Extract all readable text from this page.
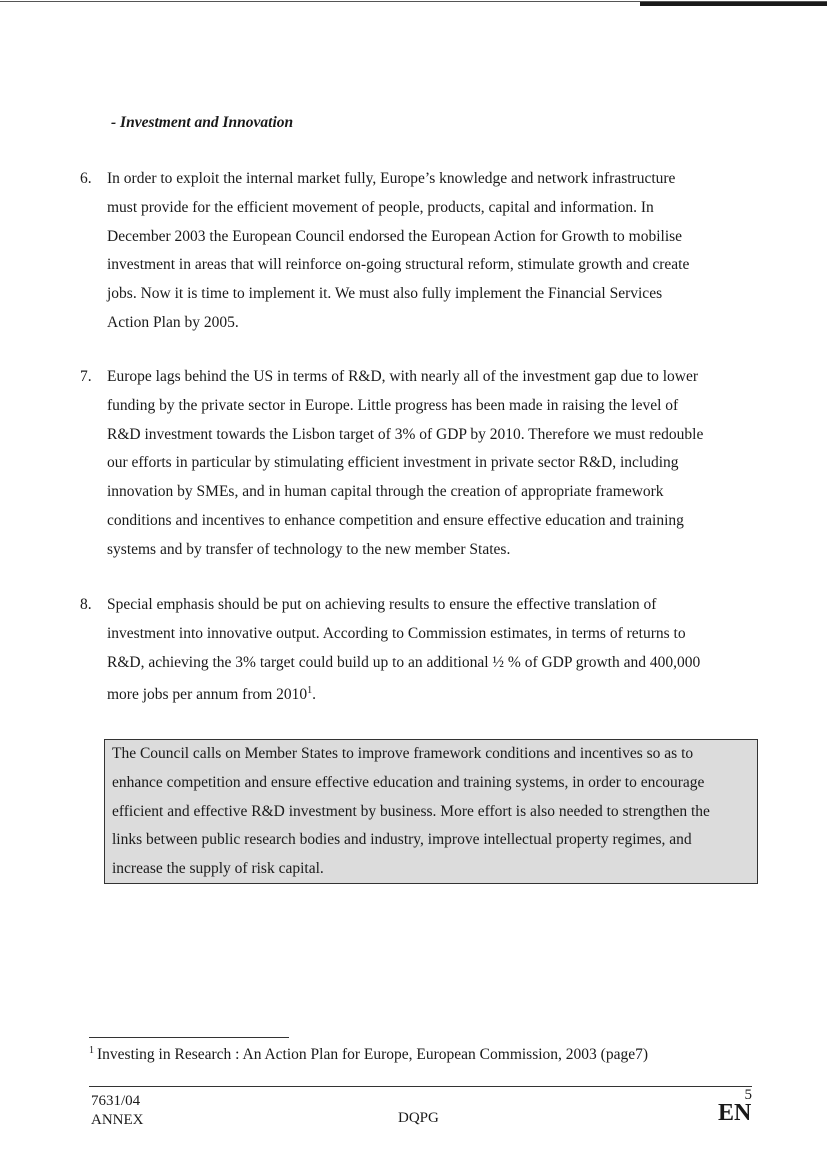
- Investment and Innovation
6. In order to exploit the internal market fully, Europe’s knowledge and network infrastructure
must provide for the efficient movement of people, products, capital and information. In
December 2003 the European Council endorsed the European Action for Growth to mobilise
investment in areas that will reinforce on-going structural reform, stimulate growth and create
jobs. Now it is time to implement it. We must also fully implement the Financial Services
Action Plan by 2005.
7. Europe lags behind the US in terms of R&D, with nearly all of the investment gap due to lower
funding by the private sector in Europe. Little progress has been made in raising the level of
R&D investment towards the Lisbon target of 3% of GDP by 2010. Therefore we must redouble
our efforts in particular by stimulating efficient investment in private sector R&D, including
innovation by SMEs, and in human capital through the creation of appropriate framework
conditions and incentives to enhance competition and ensure effective education and training
systems and by transfer of technology to the new member States.
8. Special emphasis should be put on achieving results to ensure the effective translation of
investment into innovative output. According to Commission estimates, in terms of returns to
R&D, achieving the 3% target could build up to an additional ½ % of GDP growth and 400,000
more jobs per annum from 2010$^1$.
The Council calls on Member States to improve framework conditions and incentives so as to
enhance competition and ensure effective education and training systems, in order to encourage
efficient and effective R&D investment by business. More effort is also needed to strengthen the
links between public research bodies and industry, improve intellectual property regimes, and
increase the supply of risk capital.
$^1$ Investing in Research : An Action Plan for Europe, European Commission, 2003 (page7)
7631/04
ANNEX	DQPG
5
EN
